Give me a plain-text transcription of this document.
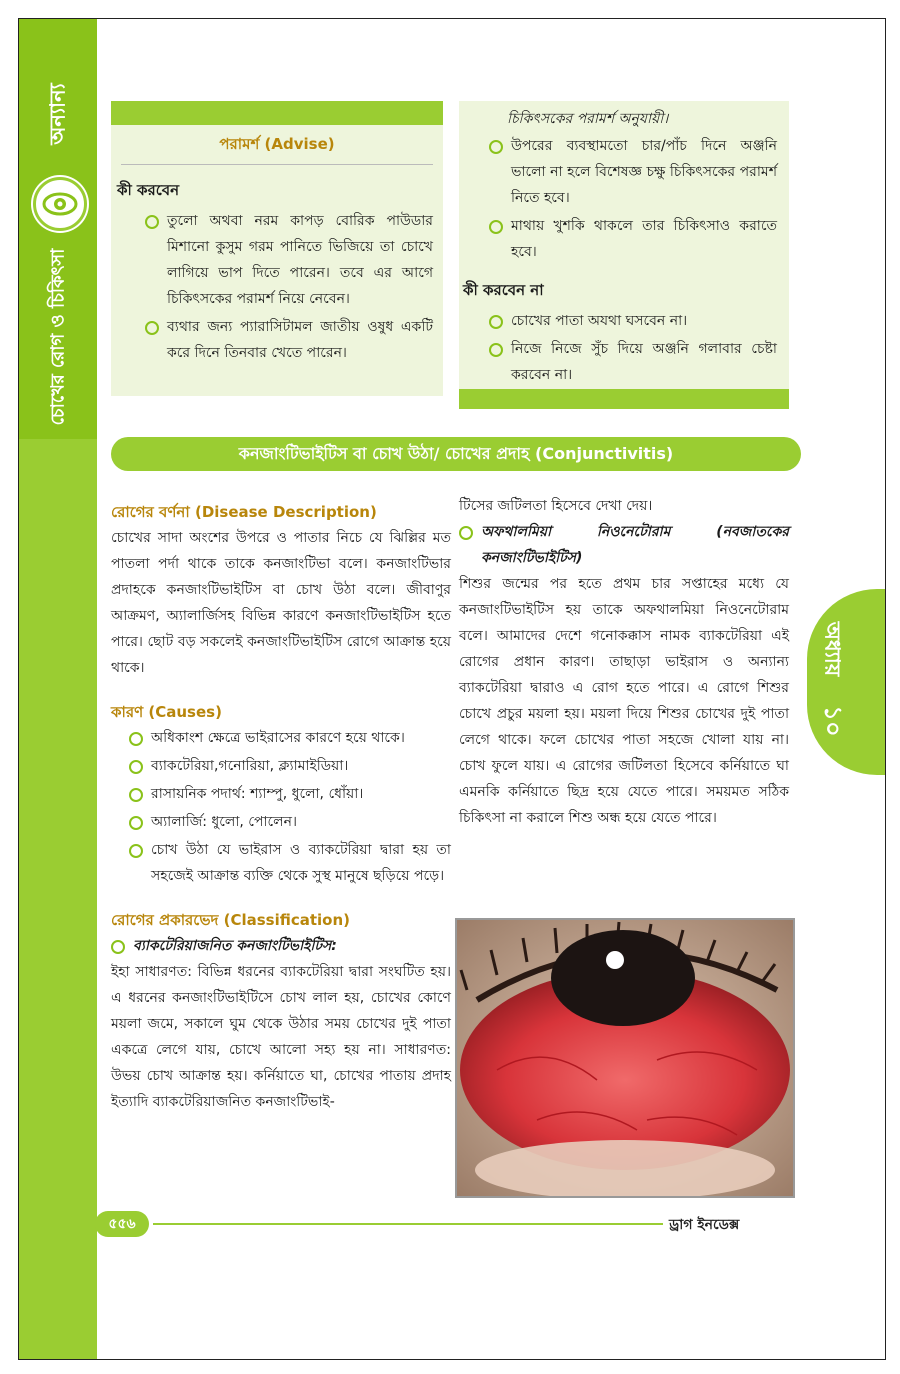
অন্যান্য
চোখের রোগ ও চিকিৎসা
অধ্যায়
১০
পরামর্শ (Advise)
কী করবেন
তুলো অথবা নরম কাপড় বোরিক পাউডার মিশানো কুসুম গরম পানিতে ভিজিয়ে তা চোখে লাগিয়ে ভাপ দিতে পারেন। তবে এর আগে চিকিৎসকের পরামর্শ নিয়ে নেবেন।
ব্যথার জন্য প্যারাসিটামল জাতীয় ওষুধ একটি করে দিনে তিনবার খেতে পারেন।
চিকিৎসকের পরামর্শ অনুযায়ী।
উপরের ব্যবস্থামতো চার/পাঁচ দিনে অঞ্জনি ভালো না হলে বিশেষজ্ঞ চক্ষু চিকিৎসকের পরামর্শ নিতে হবে।
মাথায় খুশকি থাকলে তার চিকিৎসাও করাতে হবে।
কী করবেন না
চোখের পাতা অযথা ঘসবেন না।
নিজে নিজে সুঁচ দিয়ে অঞ্জনি গলাবার চেষ্টা করবেন না।
কনজাংটিভাইটিস বা চোখ উঠা/ চোখের প্রদাহ (Conjunctivitis)
রোগের বর্ণনা (Disease Description)
চোখের সাদা অংশের উপরে ও পাতার নিচে যে ঝিল্লির মত পাতলা পর্দা থাকে তাকে কনজাংটিভা বলে। কনজাংটিভার প্রদাহকে কনজাংটিভাইটিস বা চোখ উঠা বলে। জীবাণুর আক্রমণ, অ্যালার্জিসহ বিভিন্ন কারণে কনজাংটিভাইটিস হতে পারে। ছোট বড় সকলেই কনজাংটিভাইটিস রোগে আক্রান্ত হয়ে থাকে।
কারণ (Causes)
অধিকাংশ ক্ষেত্রে ভাইরাসের কারণে হয়ে থাকে।
ব্যাকটেরিয়া,গনোরিয়া, ক্ল্যামাইডিয়া।
রাসায়নিক পদার্থ: শ্যাম্পু, ধুলো, ধোঁয়া।
অ্যালার্জি: ধুলো, পোলেন।
চোখ উঠা যে ভাইরাস ও ব্যাকটেরিয়া দ্বারা হয় তা সহজেই আক্রান্ত ব্যক্তি থেকে সুস্থ মানুষে ছড়িয়ে পড়ে।
রোগের প্রকারভেদ (Classification)
ব্যাকটেরিয়াজনিত কনজাংটিভাইটিস:
ইহা সাধারণত: বিভিন্ন ধরনের ব্যাকটেরিয়া দ্বারা সংঘটিত হয়। এ ধরনের কনজাংটিভাইটিসে চোখ লাল হয়, চোখের কোণে ময়লা জমে, সকালে ঘুম থেকে উঠার সময় চোখের দুই পাতা একত্রে লেগে যায়, চোখে আলো সহ্য হয় না। সাধারণত: উভয় চোখ আক্রান্ত হয়। কর্নিয়াতে ঘা, চোখের পাতায় প্রদাহ ইত্যাদি ব্যাকটেরিয়াজনিত কনজাংটিভাই-
টিসের জটিলতা হিসেবে দেখা দেয়।
অফথালমিয়া নিওনেটোরাম (নবজাতকের কনজাংটিভাইটিস)
শিশুর জন্মের পর হতে প্রথম চার সপ্তাহের মধ্যে যে কনজাংটিভাইটিস হয় তাকে অফথালমিয়া নিওনেটোরাম বলে। আমাদের দেশে গনোকক্কাস নামক ব্যাকটেরিয়া এই রোগের প্রধান কারণ। তাছাড়া ভাইরাস ও অন্যান্য ব্যাকটেরিয়া দ্বারাও এ রোগ হতে পারে। এ রোগে শিশুর চোখে প্রচুর ময়লা হয়। ময়লা দিয়ে শিশুর চোখের দুই পাতা লেগে থাকে। ফলে চোখের পাতা সহজে খোলা যায় না। চোখ ফুলে যায়। এ রোগের জটিলতা হিসেবে কর্নিয়াতে ঘা এমনকি কর্নিয়াতে ছিদ্র হয়ে যেতে পারে। সময়মত সঠিক চিকিৎসা না করালে শিশু অন্ধ হয়ে যেতে পারে।
৫৫৬	ড্রাগ ইনডেক্স
